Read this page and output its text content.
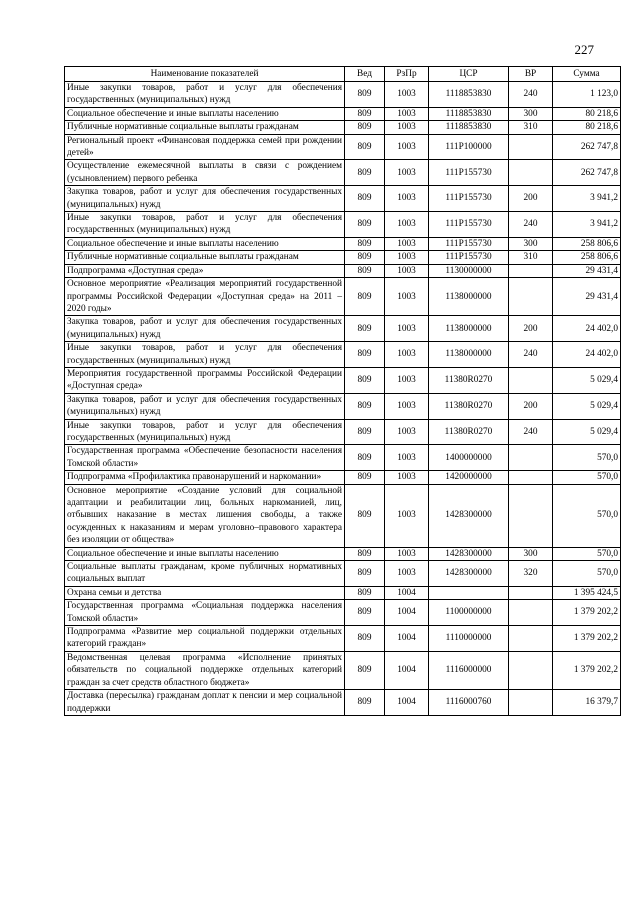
227
Наименование показателей	Вед	РзПр	ЦСР	ВР	Сумма
Иные закупки товаров, работ и услуг для обеспечения государственных (муниципальных) нужд	809	1003	1118853830	240	1 123,0
Социальное обеспечение и иные выплаты населению	809	1003	1118853830	300	80 218,6
Публичные нормативные социальные выплаты гражданам	809	1003	1118853830	310	80 218,6
Региональный проект «Финансовая поддержка семей при рождении детей»	809	1003	111P100000		262 747,8
Осуществление ежемесячной выплаты в связи с рождением (усыновлением) первого ребенка	809	1003	111P155730		262 747,8
Закупка товаров, работ и услуг для обеспечения государственных (муниципальных) нужд	809	1003	111P155730	200	3 941,2
Иные закупки товаров, работ и услуг для обеспечения государственных (муниципальных) нужд	809	1003	111P155730	240	3 941,2
Социальное обеспечение и иные выплаты населению	809	1003	111P155730	300	258 806,6
Публичные нормативные социальные выплаты гражданам	809	1003	111P155730	310	258 806,6
Подпрограмма «Доступная среда»	809	1003	1130000000		29 431,4
Основное мероприятие «Реализация мероприятий государственной программы Российской Федерации «Доступная среда» на 2011 – 2020 годы»	809	1003	1138000000		29 431,4
Закупка товаров, работ и услуг для обеспечения государственных (муниципальных) нужд	809	1003	1138000000	200	24 402,0
Иные закупки товаров, работ и услуг для обеспечения государственных (муниципальных) нужд	809	1003	1138000000	240	24 402,0
Мероприятия государственной программы Российской Федерации «Доступная среда»	809	1003	11380R0270		5 029,4
Закупка товаров, работ и услуг для обеспечения государственных (муниципальных) нужд	809	1003	11380R0270	200	5 029,4
Иные закупки товаров, работ и услуг для обеспечения государственных (муниципальных) нужд	809	1003	11380R0270	240	5 029,4
Государственная программа «Обеспечение безопасности населения Томской области»	809	1003	1400000000		570,0
Подпрограмма «Профилактика правонарушений и наркомании»	809	1003	1420000000		570,0
Основное мероприятие «Создание условий для социальной адаптации и реабилитации лиц, больных наркоманией, лиц, отбывших наказание в местах лишения свободы, а также осужденных к наказаниям и мерам уголовно–правового характера без изоляции от общества»	809	1003	1428300000		570,0
Социальное обеспечение и иные выплаты населению	809	1003	1428300000	300	570,0
Социальные выплаты гражданам, кроме публичных нормативных социальных выплат	809	1003	1428300000	320	570,0
Охрана семьи и детства	809	1004			1 395 424,5
Государственная программа «Социальная поддержка населения Томской области»	809	1004	1100000000		1 379 202,2
Подпрограмма «Развитие мер социальной поддержки отдельных категорий граждан»	809	1004	1110000000		1 379 202,2
Ведомственная целевая программа «Исполнение принятых обязательств по социальной поддержке отдельных категорий граждан за счет средств областного бюджета»	809	1004	1116000000		1 379 202,2
Доставка (пересылка) гражданам доплат к пенсии и мер социальной поддержки	809	1004	1116000760		16 379,7
